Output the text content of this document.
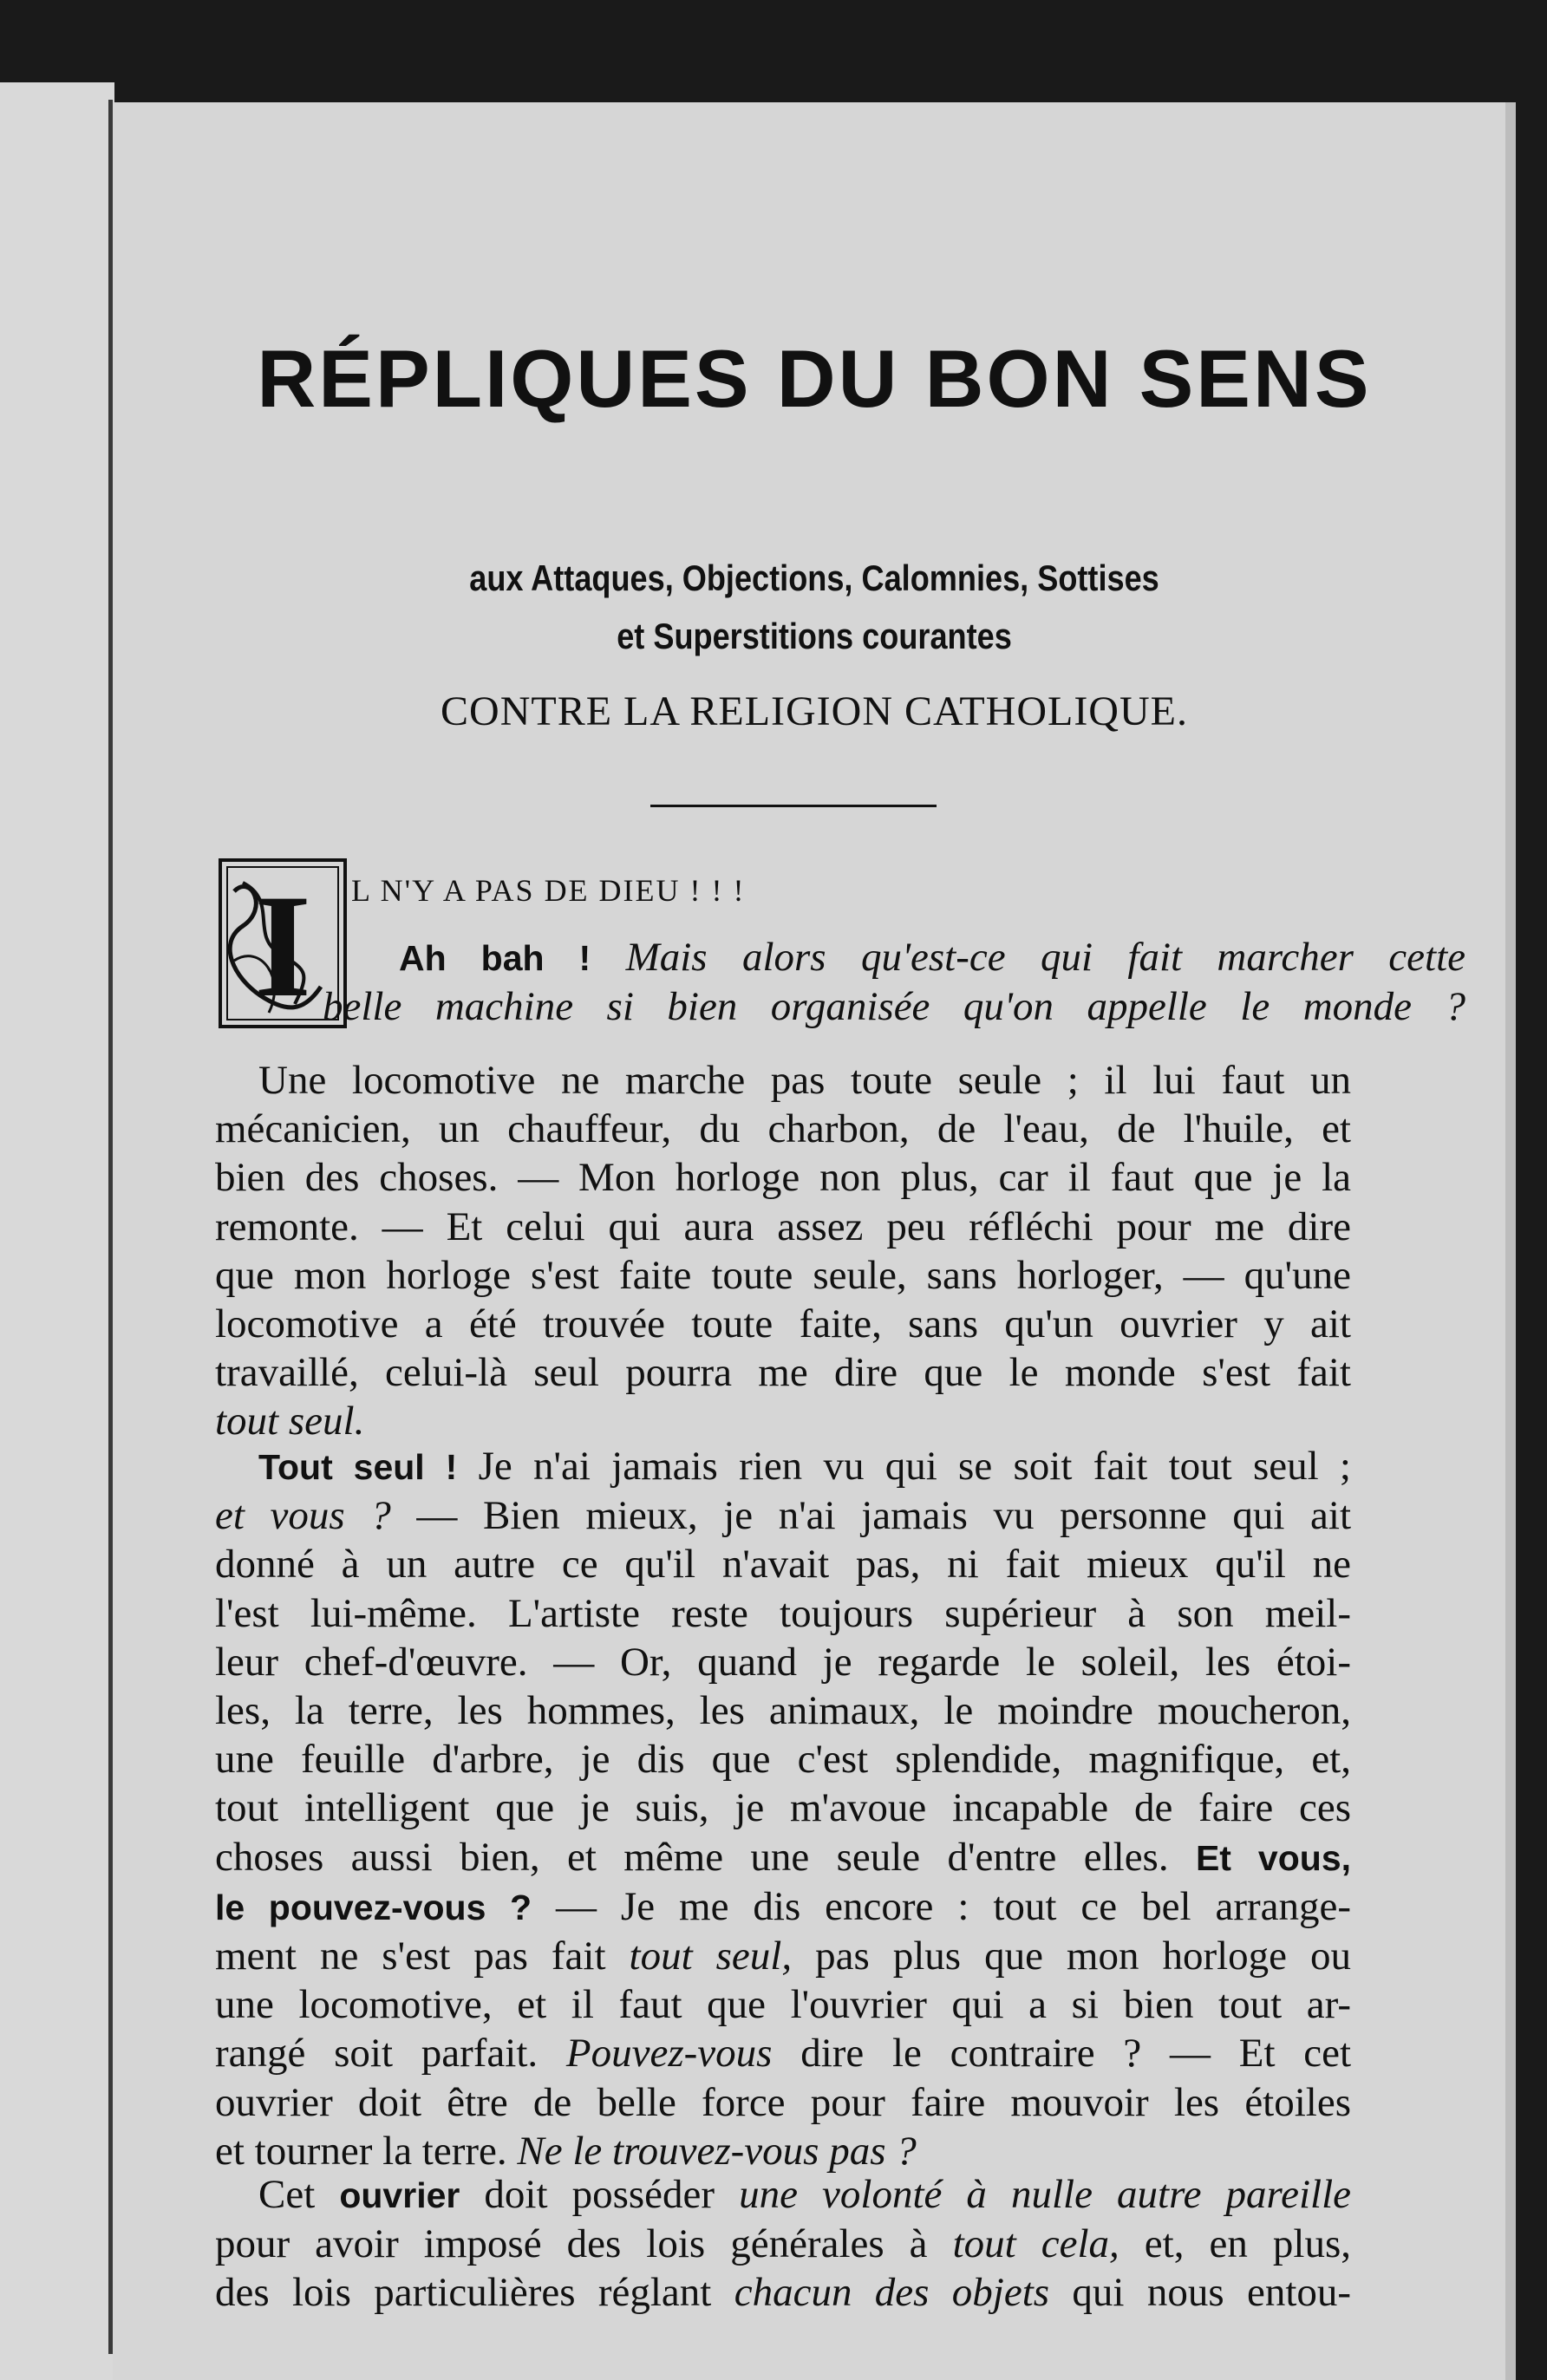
RÉPLIQUES DU BON SENS

aux Attaques, Objections, Calomnies, Sottises

et Superstitions courantes

CONTRE LA RELIGION CATHOLIQUE.

I L N'Y A PAS DE DIEU ! ! !

Ah bah ! Mais alors qu'est-ce qui fait marcher cette
belle machine si bien organisée qu'on appelle le monde ?
Une locomotive ne marche pas toute seule ; il lui faut un
mécanicien, un chauffeur, du charbon, de l'eau, de l'huile, et
bien des choses. — Mon horloge non plus, car il faut que je la
remonte. — Et celui qui aura assez peu réfléchi pour me dire
que mon horloge s'est faite toute seule, sans horloger, — qu'une
locomotive a été trouvée toute faite, sans qu'un ouvrier y ait
travaillé, celui-là seul pourra me dire que le monde s'est fait
tout seul.
Tout seul ! Je n'ai jamais rien vu qui se soit fait tout seul ;
et vous ? — Bien mieux, je n'ai jamais vu personne qui ait
donné à un autre ce qu'il n'avait pas, ni fait mieux qu'il ne
l'est lui-même. L'artiste reste toujours supérieur à son meil-
leur chef-d'œuvre. — Or, quand je regarde le soleil, les étoi-
les, la terre, les hommes, les animaux, le moindre moucheron,
une feuille d'arbre, je dis que c'est splendide, magnifique, et,
tout intelligent que je suis, je m'avoue incapable de faire ces
choses aussi bien, et même une seule d'entre elles. Et vous,
le pouvez-vous ? — Je me dis encore : tout ce bel arrange-
ment ne s'est pas fait tout seul, pas plus que mon horloge ou
une locomotive, et il faut que l'ouvrier qui a si bien tout ar-
rangé soit parfait. Pouvez-vous dire le contraire ? — Et cet
ouvrier doit être de belle force pour faire mouvoir les étoiles
et tourner la terre. Ne le trouvez-vous pas ?
Cet ouvrier doit posséder une volonté à nulle autre pareille
pour avoir imposé des lois générales à tout cela, et, en plus,
des lois particulières réglant chacun des objets qui nous entou-
